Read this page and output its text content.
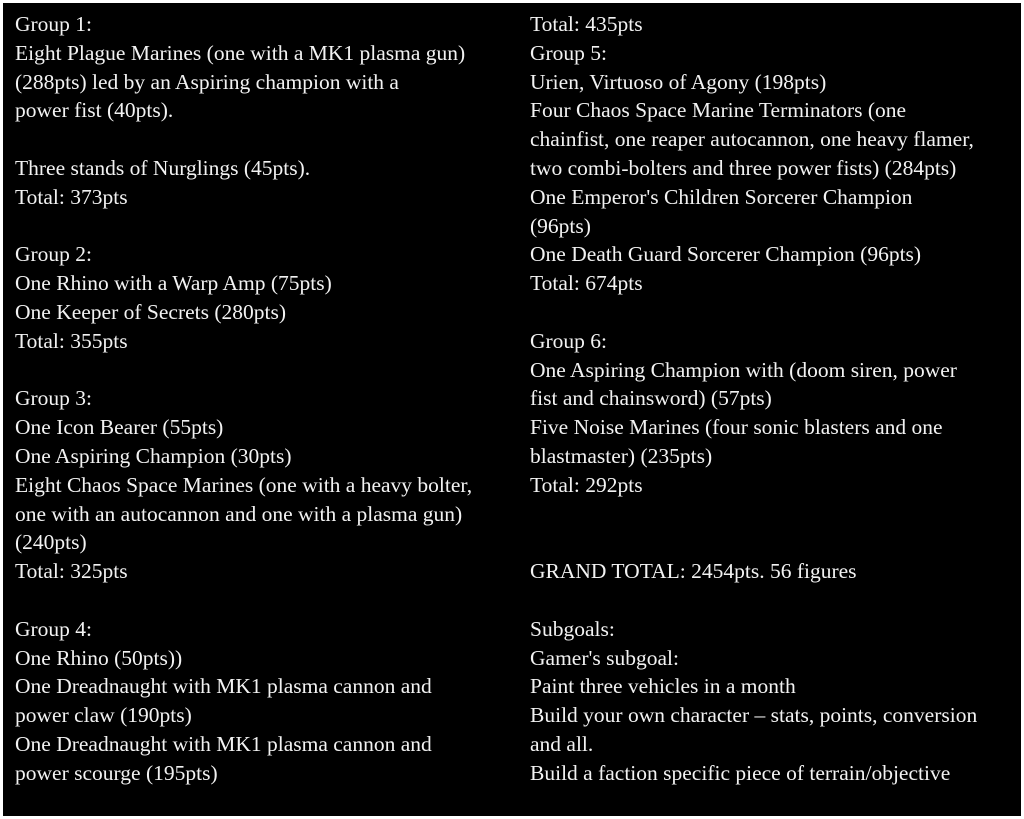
Group 1:
Eight Plague Marines (one with a MK1 plasma gun)
(288pts) led by an Aspiring champion with a
power fist (40pts).
Three stands of Nurglings (45pts).
Total: 373pts
Group 2:
One Rhino with a Warp Amp (75pts)
One Keeper of Secrets (280pts)
Total: 355pts
Group 3:
One Icon Bearer (55pts)
One Aspiring Champion (30pts)
Eight Chaos Space Marines (one with a heavy bolter,
one with an autocannon and one with a plasma gun)
(240pts)
Total: 325pts
Group 4:
One Rhino (50pts))
One Dreadnaught with MK1 plasma cannon and
power claw (190pts)
One Dreadnaught with MK1 plasma cannon and
power scourge (195pts)
Total: 435pts
Group 5:
Urien, Virtuoso of Agony (198pts)
Four Chaos Space Marine Terminators (one
chainfist, one reaper autocannon, one heavy flamer,
two combi-bolters and three power fists) (284pts)
One Emperor's Children Sorcerer Champion
(96pts)
One Death Guard Sorcerer Champion (96pts)
Total: 674pts
Group 6:
One Aspiring Champion with (doom siren, power
fist and chainsword) (57pts)
Five Noise Marines (four sonic blasters and one
blastmaster) (235pts)
Total: 292pts
GRAND TOTAL: 2454pts. 56 figures
Subgoals:
Gamer's subgoal:
Paint three vehicles in a month
Build your own character – stats, points, conversion
and all.
Build a faction specific piece of terrain/objective
